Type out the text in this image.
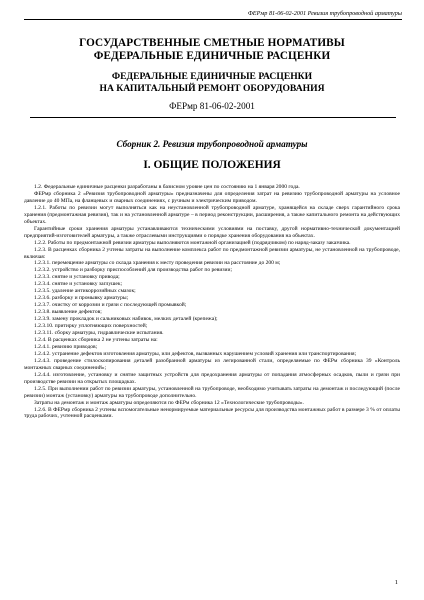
ФЕРмр 81-06-02-2001 Ревизия трубопроводной арматуры
ГОСУДАРСТВЕННЫЕ СМЕТНЫЕ НОРМАТИВЫ
ФЕДЕРАЛЬНЫЕ ЕДИНИЧНЫЕ РАСЦЕНКИ
ФЕДЕРАЛЬНЫЕ ЕДИНИЧНЫЕ РАСЦЕНКИ
НА КАПИТАЛЬНЫЙ РЕМОНТ ОБОРУДОВАНИЯ
ФЕРмр 81-06-02-2001
Сборник 2. Ревизия трубопроводной арматуры
I. ОБЩИЕ ПОЛОЖЕНИЯ

1.2. Федеральные единичные расценки разработаны в базисном уровне цен по состоянию на 1 января 2000 года.

ФЕРмр сборника 2 «Ревизия трубопроводной арматуры» предназначены для определения затрат на ревизию трубопроводной арматуры на условное давление до 40 МПа, на фланцевых и сварных соединениях, с ручным и электрическим приводом.

1.2.1. Работы по ревизии могут выполняться как на неустановленной трубопроводной арматуре, хранящейся на складе сверх гарантийного срока хранения (предмонтажная ревизия), так и на установленной арматуре – в период реконструкции, расширения, а также капитального ремонта на действующих объектах.

Гарантийные сроки хранения арматуры устанавливаются техническими условиями на поставку, другой нормативно-технической документацией предприятий-изготовителей арматуры, а также отраслевыми инструкциями о порядке хранения оборудования на объектах.

1.2.2. Работы по предмонтажной ревизии арматуры выполняются монтажной организацией (подрядчиком) по наряд-заказу заказчика.

1.2.3. В расценках сборника 2 учтены затраты на выполнение комплекса работ по предмонтажной ревизии арматуры, не установленной на трубопроводе, включая:

1.2.3.1. перемещение арматуры со склада хранения к месту проведения ревизии на расстояние до 200 м;

1.2.3.2. устройство и разборку приспособлений для производства работ по ревизии;

1.2.3.3. снятие и установку привода;

1.2.3.4. снятие и установку заглушек;

1.2.3.5. удаление антикоррозийных смазок;

1.2.3.6. разборку и промывку арматуры;

1.2.3.7. очистку от коррозии и грязи с последующей промывкой;

1.2.3.8. выявление дефектов;

1.2.3.9. замену прокладок и сальниковых набивок, мелких деталей (крепежа);

1.2.3.10. притирку уплотняющих поверхностей;

1.2.3.11. сборку арматуры, гидравлические испытания.

1.2.4. В расценках сборника 2 не учтены затраты на:

1.2.4.1. ревизию приводов;

1.2.4.2. устранение дефектов изготовления арматуры, или дефектов, вызванных нарушением условий хранения или транспортирования;

1.2.4.3. проведение стилоскопирования деталей разобранной арматуры из легированной стали, определяемые по ФЕРм сборника 39 «Контроль монтажных сварных соединений»;

1.2.4.4. изготовление, установку и снятие защитных устройств для предохранения арматуры от попадания атмосферных осадков, пыли и грязи при производстве ревизии на открытых площадках.

1.2.5. При выполнении работ по ревизии арматуры, установленной на трубопроводе, необходимо учитывать затраты на демонтаж и последующий (после ревизии) монтаж (установку) арматуры на трубопроводе дополнительно.

Затраты на демонтаж и монтаж арматуры определяются по ФЕРм сборника 12 «Технологические трубопроводы».

1.2.6. В ФЕРмр сборника 2 учтены вспомогательные ненормируемые материальные ресурсы для производства монтажных работ в размере 3 % от оплаты труда рабочих, учтенной расценками.

1
